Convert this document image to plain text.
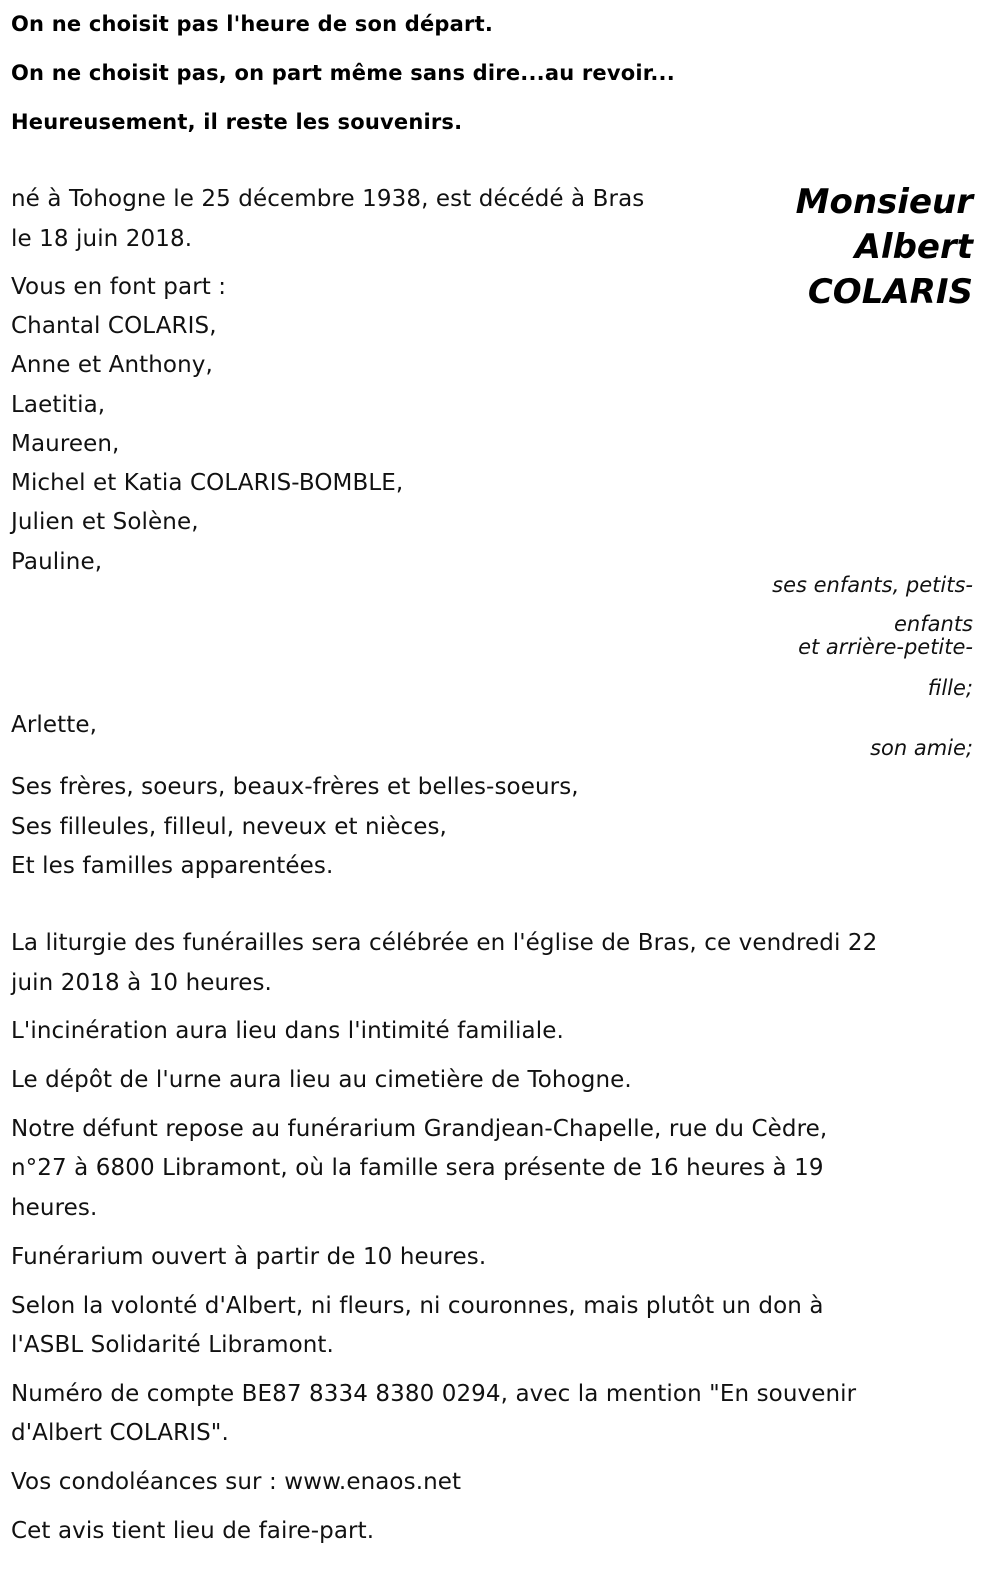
On ne choisit pas l'heure de son départ.
On ne choisit pas, on part même sans dire...au revoir...
Heureusement, il reste les souvenirs.
Monsieur
Albert
COLARIS
né à Tohogne le 25 décembre 1938, est décédé à Bras
le 18 juin 2018.
Vous en font part :
Chantal COLARIS,
Anne et Anthony,
Laetitia,
Maureen,
Michel et Katia COLARIS-BOMBLE,
Julien et Solène,
Pauline,
ses enfants, petits-
enfants
et arrière-petite-
fille;
Arlette,
son amie;
Ses frères, soeurs, beaux-frères et belles-soeurs,
Ses filleules, filleul, neveux et nièces,
Et les familles apparentées.
La liturgie des funérailles sera célébrée en l'église de Bras, ce vendredi 22
juin 2018 à 10 heures.
L'incinération aura lieu dans l'intimité familiale.
Le dépôt de l'urne aura lieu au cimetière de Tohogne.
Notre défunt repose au funérarium Grandjean-Chapelle, rue du Cèdre,
n°27 à 6800 Libramont, où la famille sera présente de 16 heures à 19
heures.
Funérarium ouvert à partir de 10 heures.
Selon la volonté d'Albert, ni fleurs, ni couronnes, mais plutôt un don à
l'ASBL Solidarité Libramont.
Numéro de compte BE87 8334 8380 0294, avec la mention "En souvenir
d'Albert COLARIS".
Vos condoléances sur : www.enaos.net
Cet avis tient lieu de faire-part.
